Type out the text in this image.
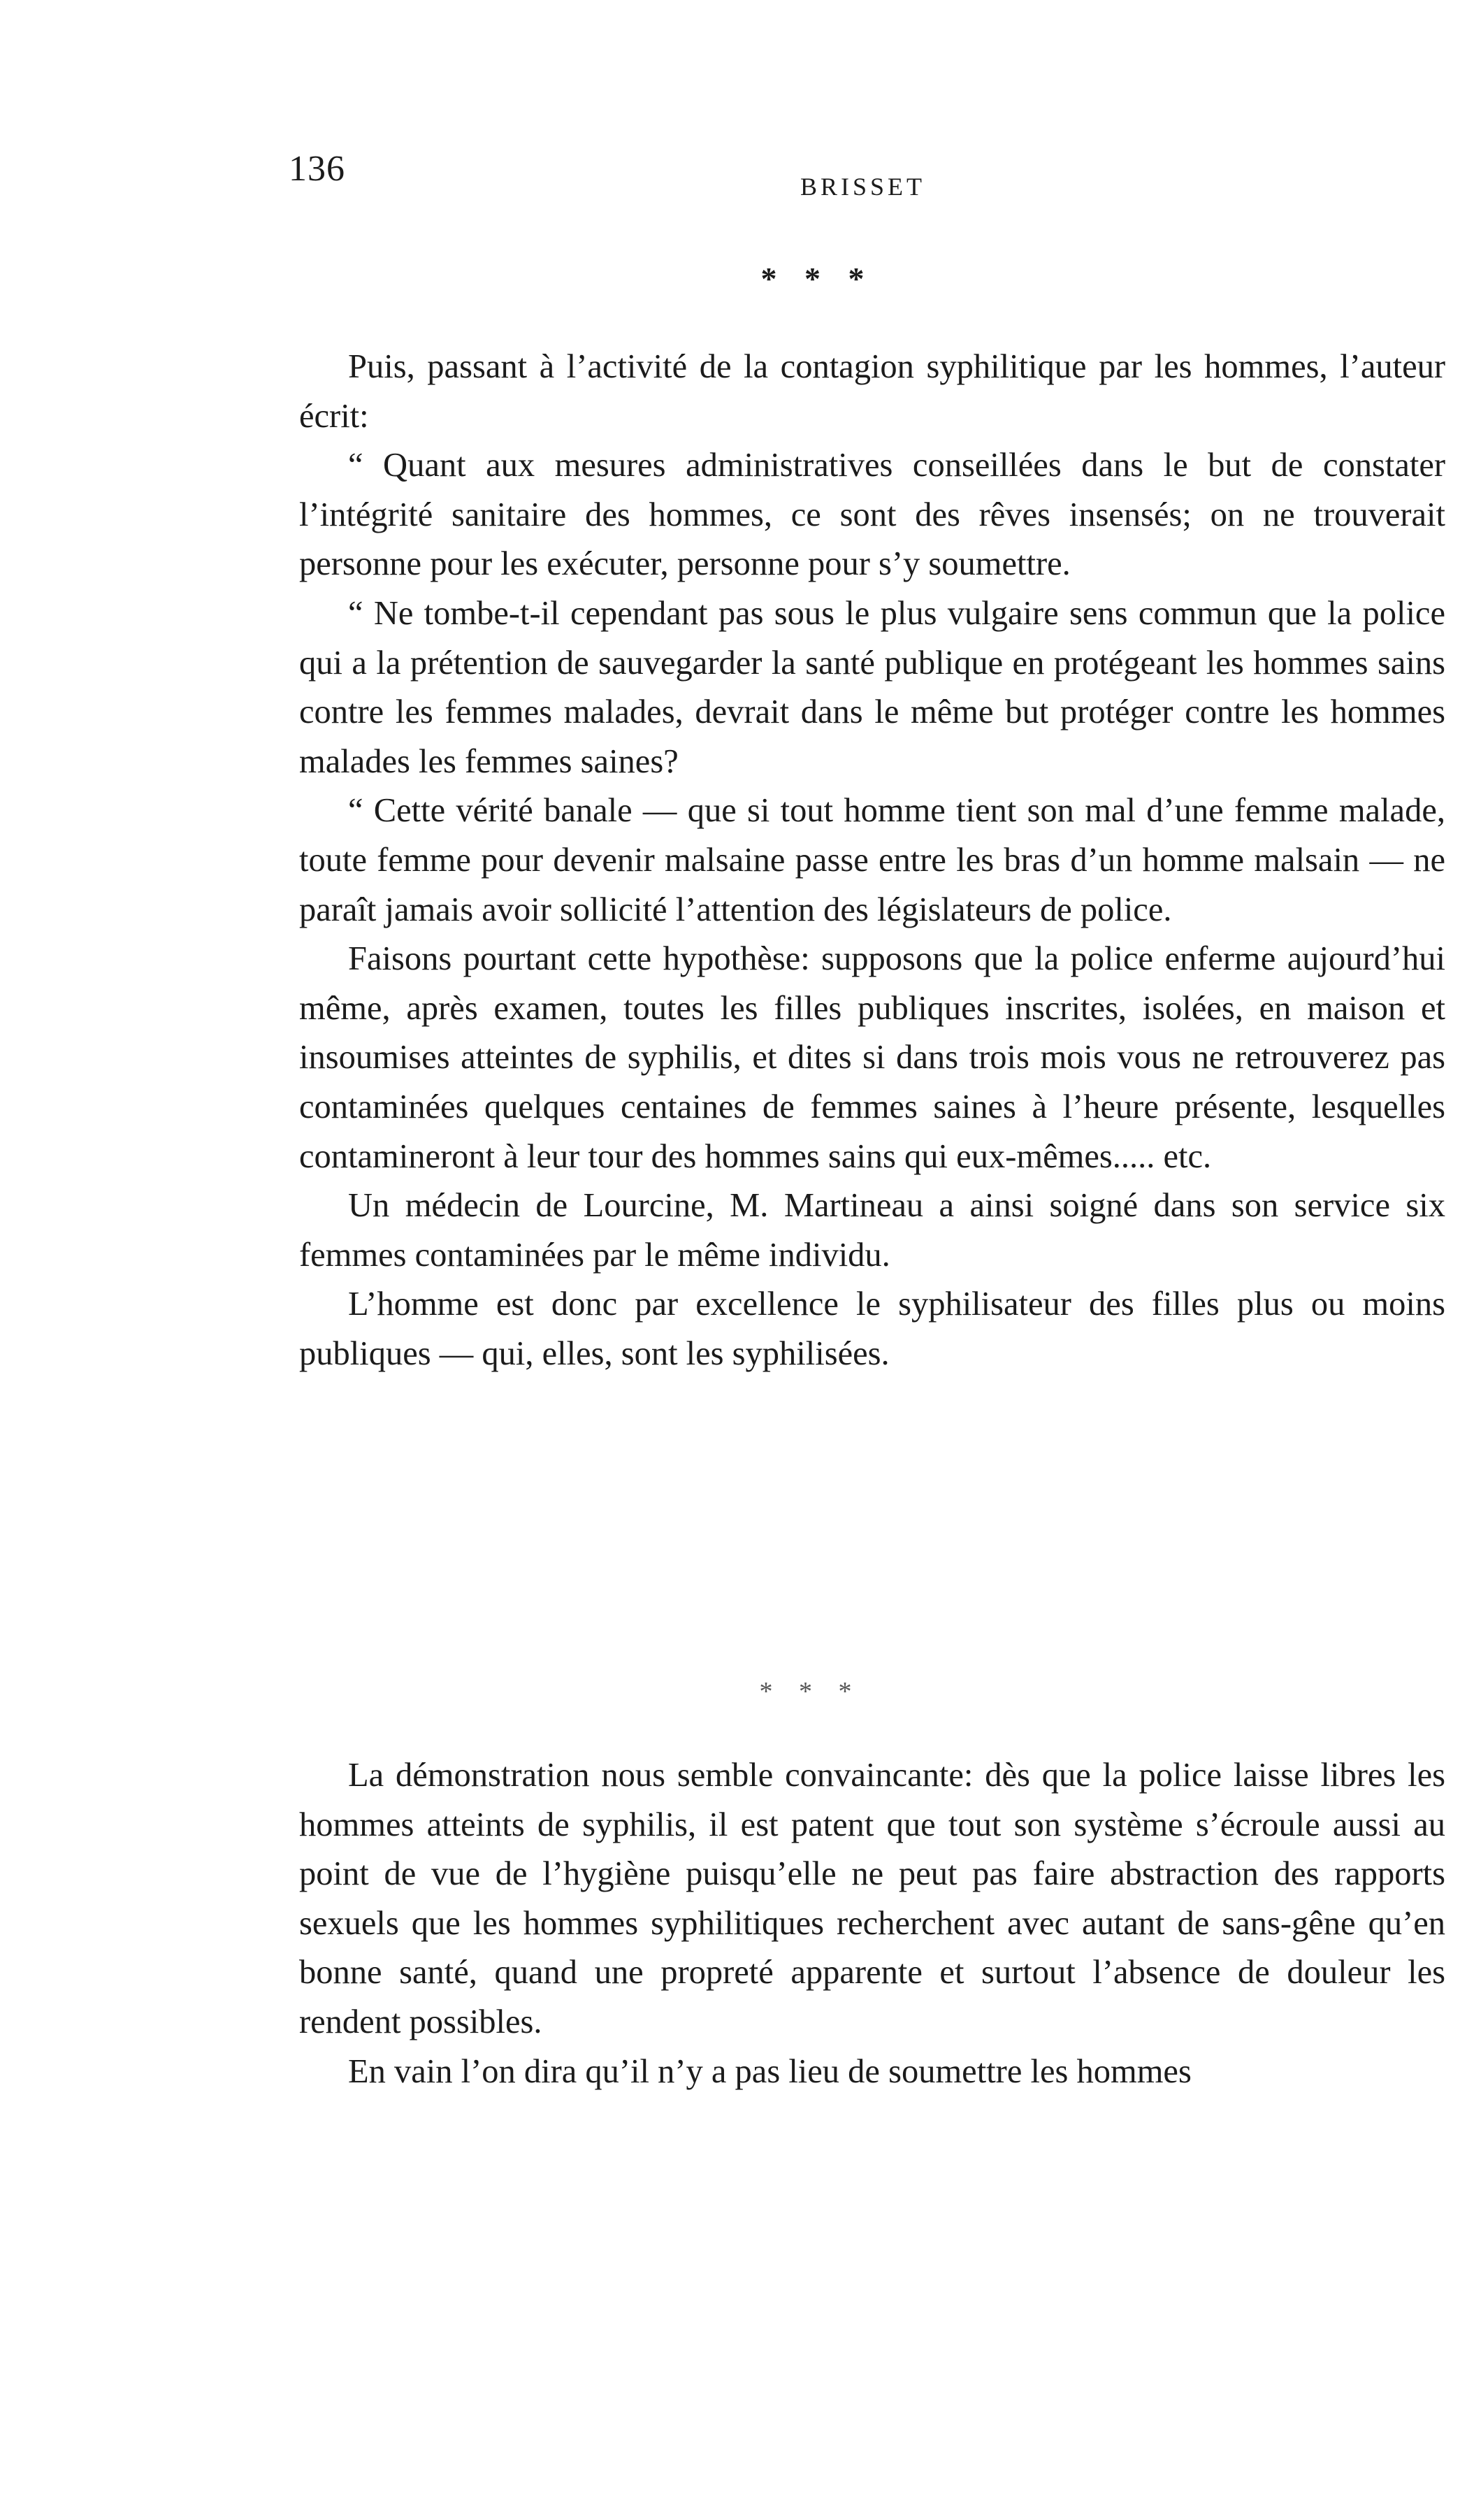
136	BRISSET
* * *

Puis, passant à l’activité de la contagion syphilitique par les hommes, l’auteur écrit:

“ Quant aux mesures administratives conseillées dans le but de constater l’intégrité sanitaire des hommes, ce sont des rêves insensés; on ne trouverait personne pour les exécuter, personne pour s’y soumettre.

“ Ne tombe-t-il cependant pas sous le plus vulgaire sens commun que la police qui a la prétention de sauvegarder la santé publique en protégeant les hommes sains contre les femmes malades, devrait dans le même but protéger contre les hommes malades les femmes saines?

“ Cette vérité banale — que si tout homme tient son mal d’une femme malade, toute femme pour devenir malsaine passe entre les bras d’un homme malsain — ne paraît jamais avoir sollicité l’attention des législateurs de police.

Faisons pourtant cette hypothèse: supposons que la police enferme aujourd’hui même, après examen, toutes les filles publiques inscrites, isolées, en maison et insoumises atteintes de syphilis, et dites si dans trois mois vous ne retrouverez pas contaminées quelques centaines de femmes saines à l’heure présente, lesquelles contamineront à leur tour des hommes sains qui eux-mêmes..... etc.

Un médecin de Lourcine, M. Martineau a ainsi soigné dans son service six femmes contaminées par le même individu.

L’homme est donc par excellence le syphilisateur des filles plus ou moins publiques — qui, elles, sont les syphilisées.

* * *

La démonstration nous semble convaincante: dès que la police laisse libres les hommes atteints de syphilis, il est patent que tout son système s’écroule aussi au point de vue de l’hygiène puisqu’elle ne peut pas faire abstraction des rapports sexuels que les hommes syphilitiques recherchent avec autant de sans-gêne qu’en bonne santé, quand une propreté apparente et surtout l’absence de douleur les rendent possibles.

En vain l’on dira qu’il n’y a pas lieu de soumettre les hommes
